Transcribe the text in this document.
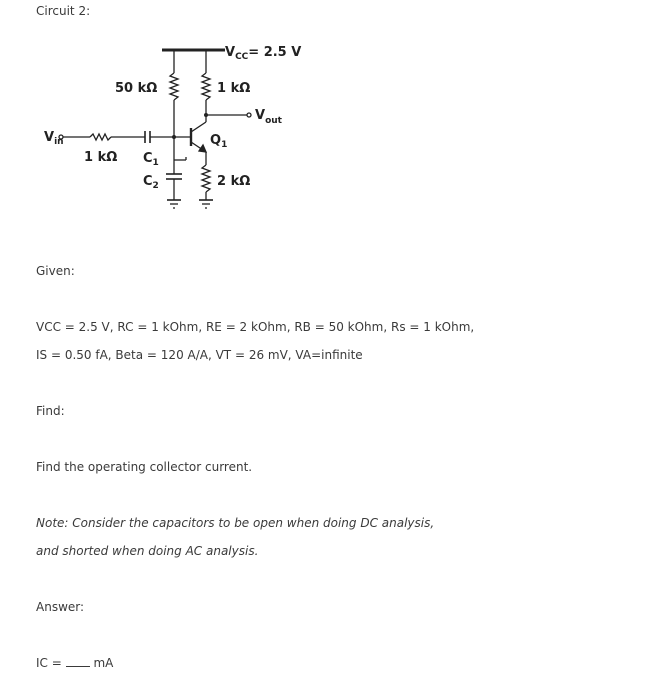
Circuit 2:
$V_{CC}= 2.5$ V
50 kΩ	1 kΩ
$V_{out}$
$V_{in}$
1 kΩ $C_1$
$Q_1$
$C_2$	2 kΩ
Given:
VCC = 2.5 V, RC = 1 kOhm, RE = 2 kOhm, RB = 50 kOhm, Rs = 1 kOhm,
IS = 0.50 fA, Beta = 120 A/A, VT = 26 mV, VA=infinite
Find:
Find the operating collector current.
Note: Consider the capacitors to be open when doing DC analysis,
and shorted when doing AC analysis.
Answer:
IC =	mA
